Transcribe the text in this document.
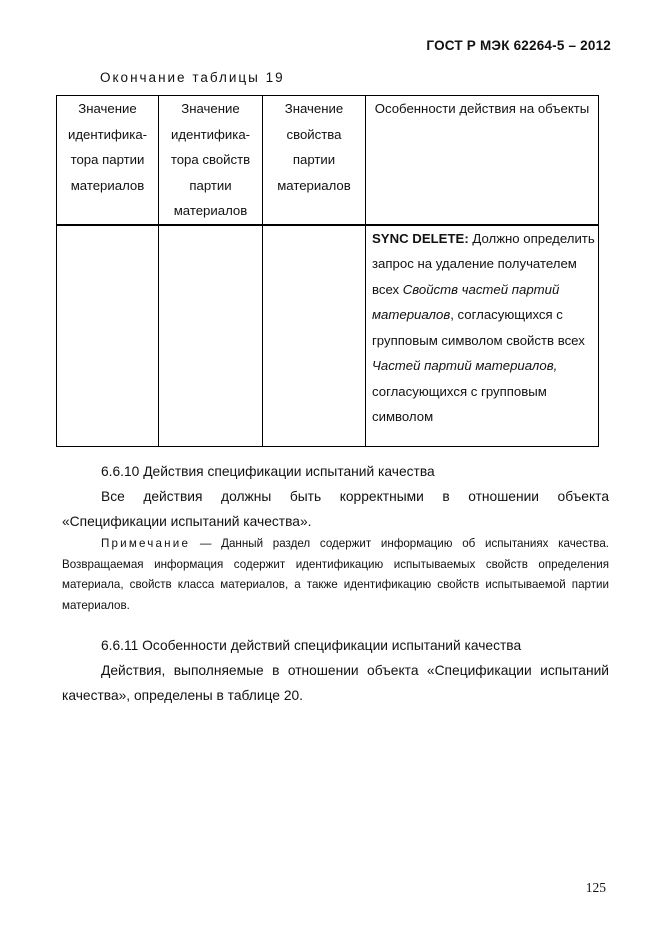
ГОСТ Р МЭК 62264-5 – 2012
Окончание таблицы 19
Значение идентифика-тора партии материалов	Значение идентифика-тора свойств партии материалов	Значение свойства партии материалов	Особенности действия на объекты
			SYNC DELETE: Должно определить запрос на удаление получателем всех Свойств частей партий материалов, согласующихся с групповым символом свойств всех Частей партий материалов, согласующихся с групповым символом
6.6.10 Действия спецификации испытаний качества
Все действия должны быть корректными в отношении объекта «Спецификации испытаний качества».
Примечание — Данный раздел содержит информацию об испытаниях качества. Возвращаемая информация содержит идентификацию испытываемых свойств определения материала, свойств класса материалов, а также идентификацию свойств испытываемой партии материалов.
6.6.11 Особенности действий спецификации испытаний качества
Действия, выполняемые в отношении объекта «Спецификации испытаний качества», определены в таблице 20.
125
